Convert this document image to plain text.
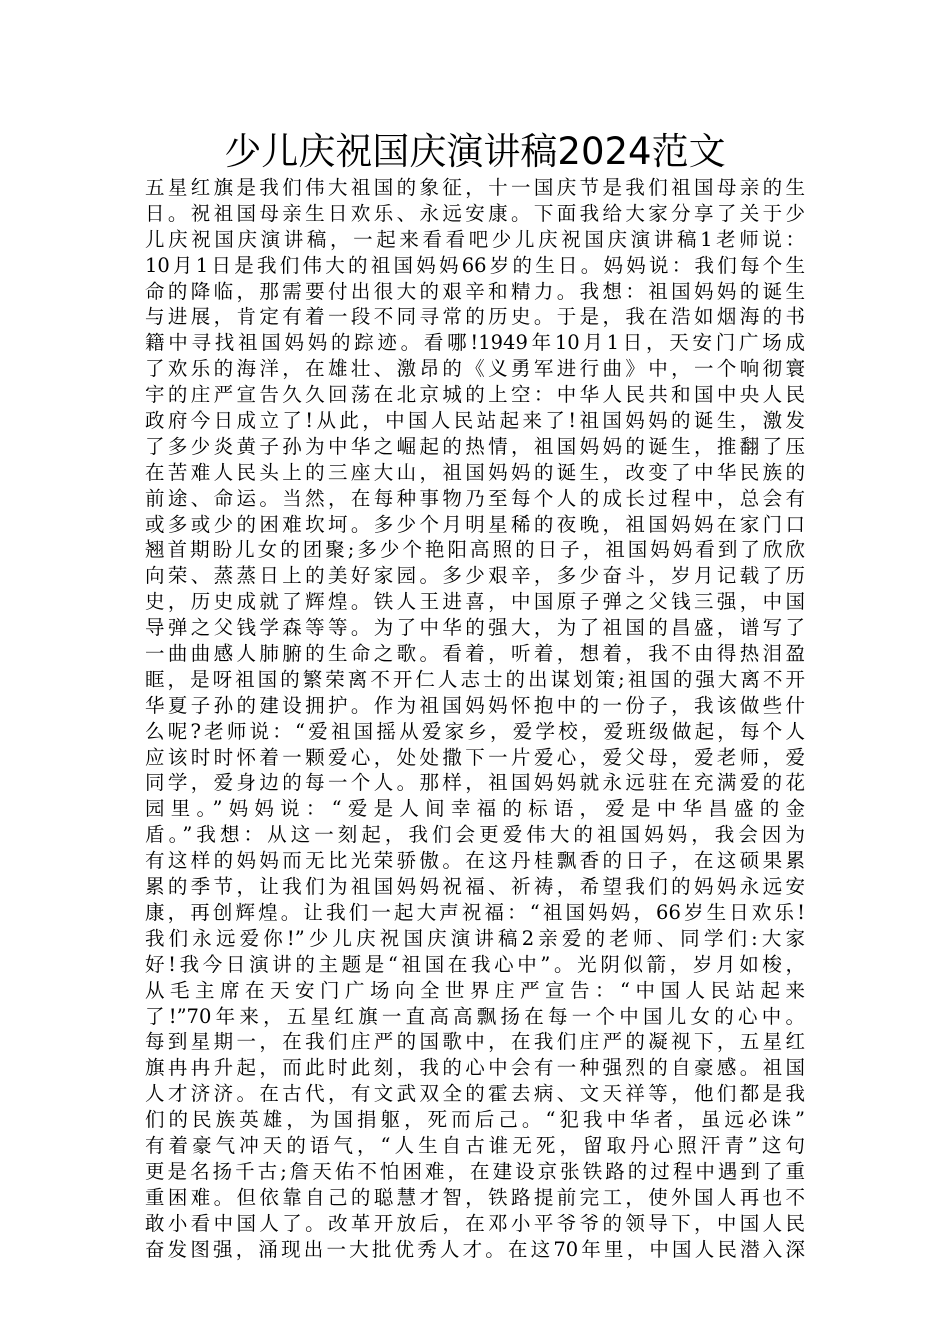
少儿庆祝国庆演讲稿2024范文
五星红旗是我们伟大祖国的象征，十一国庆节是我们祖国母亲的生
日。祝祖国母亲生日欢乐、永远安康。下面我给大家分享了关于少
儿庆祝国庆演讲稿，一起来看看吧少儿庆祝国庆演讲稿1老师说：
10月1日是我们伟大的祖国妈妈66岁的生日。妈妈说：我们每个生
命的降临，那需要付出很大的艰辛和精力。我想：祖国妈妈的诞生
与进展，肯定有着一段不同寻常的历史。于是，我在浩如烟海的书
籍中寻找祖国妈妈的踪迹。看哪!1949年10月1日，天安门广场成
了欢乐的海洋，在雄壮、激昂的《义勇军进行曲》中，一个响彻寰
宇的庄严宣告久久回荡在北京城的上空：中华人民共和国中央人民
政府今日成立了!从此，中国人民站起来了!祖国妈妈的诞生，激发
了多少炎黄子孙为中华之崛起的热情，祖国妈妈的诞生，推翻了压
在苦难人民头上的三座大山，祖国妈妈的诞生，改变了中华民族的
前途、命运。当然，在每种事物乃至每个人的成长过程中，总会有
或多或少的困难坎坷。多少个月明星稀的夜晚，祖国妈妈在家门口
翘首期盼儿女的团聚;多少个艳阳高照的日子，祖国妈妈看到了欣欣
向荣、蒸蒸日上的美好家园。多少艰辛，多少奋斗，岁月记载了历
史，历史成就了辉煌。铁人王进喜，中国原子弹之父钱三强，中国
导弹之父钱学森等等。为了中华的强大，为了祖国的昌盛，谱写了
一曲曲感人肺腑的生命之歌。看着，听着，想着，我不由得热泪盈
眶，是呀祖国的繁荣离不开仁人志士的出谋划策;祖国的强大离不开
华夏子孙的建设拥护。作为祖国妈妈怀抱中的一份子，我该做些什
么呢?老师说：“爱祖国摇从爱家乡，爱学校，爱班级做起，每个人
应该时时怀着一颗爱心，处处撒下一片爱心，爱父母，爱老师，爱
同学，爱身边的每一个人。那样，祖国妈妈就永远驻在充满爱的花
园里。”妈妈说：“爱是人间幸福的标语，爱是中华昌盛的金
盾。”我想：从这一刻起，我们会更爱伟大的祖国妈妈，我会因为
有这样的妈妈而无比光荣骄傲。在这丹桂飘香的日子，在这硕果累
累的季节，让我们为祖国妈妈祝福、祈祷，希望我们的妈妈永远安
康，再创辉煌。让我们一起大声祝福：“祖国妈妈，66岁生日欢乐!
我们永远爱你!”少儿庆祝国庆演讲稿2亲爱的老师、同学们:大家
好!我今日演讲的主题是“祖国在我心中”。光阴似箭，岁月如梭，
从毛主席在天安门广场向全世界庄严宣告：“中国人民站起来
了!”70年来，五星红旗一直高高飘扬在每一个中国儿女的心中。
每到星期一，在我们庄严的国歌中，在我们庄严的凝视下，五星红
旗冉冉升起，而此时此刻，我的心中会有一种强烈的自豪感。祖国
人才济济。在古代，有文武双全的霍去病、文天祥等，他们都是我
们的民族英雄，为国捐躯，死而后己。“犯我中华者，虽远必诛”
有着豪气冲天的语气，“人生自古谁无死，留取丹心照汗青”这句
更是名扬千古;詹天佑不怕困难，在建设京张铁路的过程中遇到了重
重困难。但依靠自己的聪慧才智，铁路提前完工，使外国人再也不
敢小看中国人了。改革开放后，在邓小平爷爷的领导下，中国人民
奋发图强，涌现出一大批优秀人才。在这70年里，中国人民潜入深
